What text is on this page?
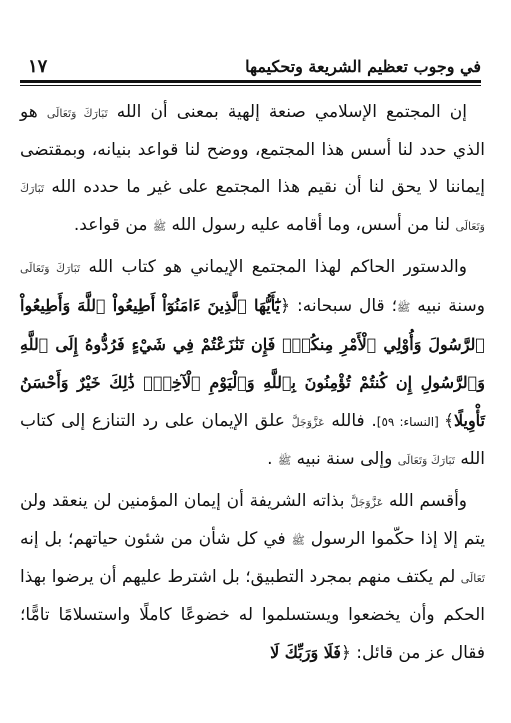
في وجوب تعظيم الشريعة وتحكيمها
١٧

إن المجتمع الإسلامي صنعة إلهية بمعنى أن الله تَبَارَكَ وَتَعَالَى هو الذي حدد لنا أسس هذا المجتمع، ووضح لنا قواعد بنيانه، وبمقتضى إيماننا لا يحق لنا أن نقيم هذا المجتمع على غير ما حدده الله تَبَارَكَ وَتَعَالَى لنا من أسس، وما أقامه عليه رسول الله ﷺ من قواعد.

والدستور الحاكم لهذا المجتمع الإيماني هو كتاب الله تَبَارَكَ وَتَعَالَى وسنة نبيه ﷺ؛ قال سبحانه: ﴿يَٰٓأَيُّهَا ٱلَّذِينَ ءَامَنُوٓاْ أَطِيعُواْ ٱللَّهَ وَأَطِيعُواْ ٱلرَّسُولَ وَأُوْلِي ٱلْأَمْرِ مِنكُمْۖ فَإِن تَنَٰزَعْتُمْ فِي شَيْءٍ فَرُدُّوهُ إِلَى ٱللَّهِ وَٱلرَّسُولِ إِن كُنتُمْ تُؤْمِنُونَ بِٱللَّهِ وَٱلْيَوْمِ ٱلْآخِرِۚ ذَٰلِكَ خَيْرٌ وَأَحْسَنُ تَأْوِيلًا﴾ [النساء: ٥٩]. فالله عَزَّوَجَلَّ علق الإيمان على رد التنازع إلى كتاب الله تَبَارَكَ وَتَعَالَى وإلى سنة نبيه ﷺ .

وأقسم الله عَزَّوَجَلَّ بذاته الشريفة أن إيمان المؤمنين لن ينعقد ولن يتم إلا إذا حكّموا الرسول ﷺ في كل شأن من شئون حياتهم؛ بل إنه تَعَالَى لم يكتف منهم بمجرد التطبيق؛ بل اشترط عليهم أن يرضوا بهذا الحكم وأن يخضعوا ويستسلموا له خضوعًا كاملًا واستسلامًا تامًّا؛ فقال عز من قائل: ﴿فَلَا وَرَبِّكَ لَا
